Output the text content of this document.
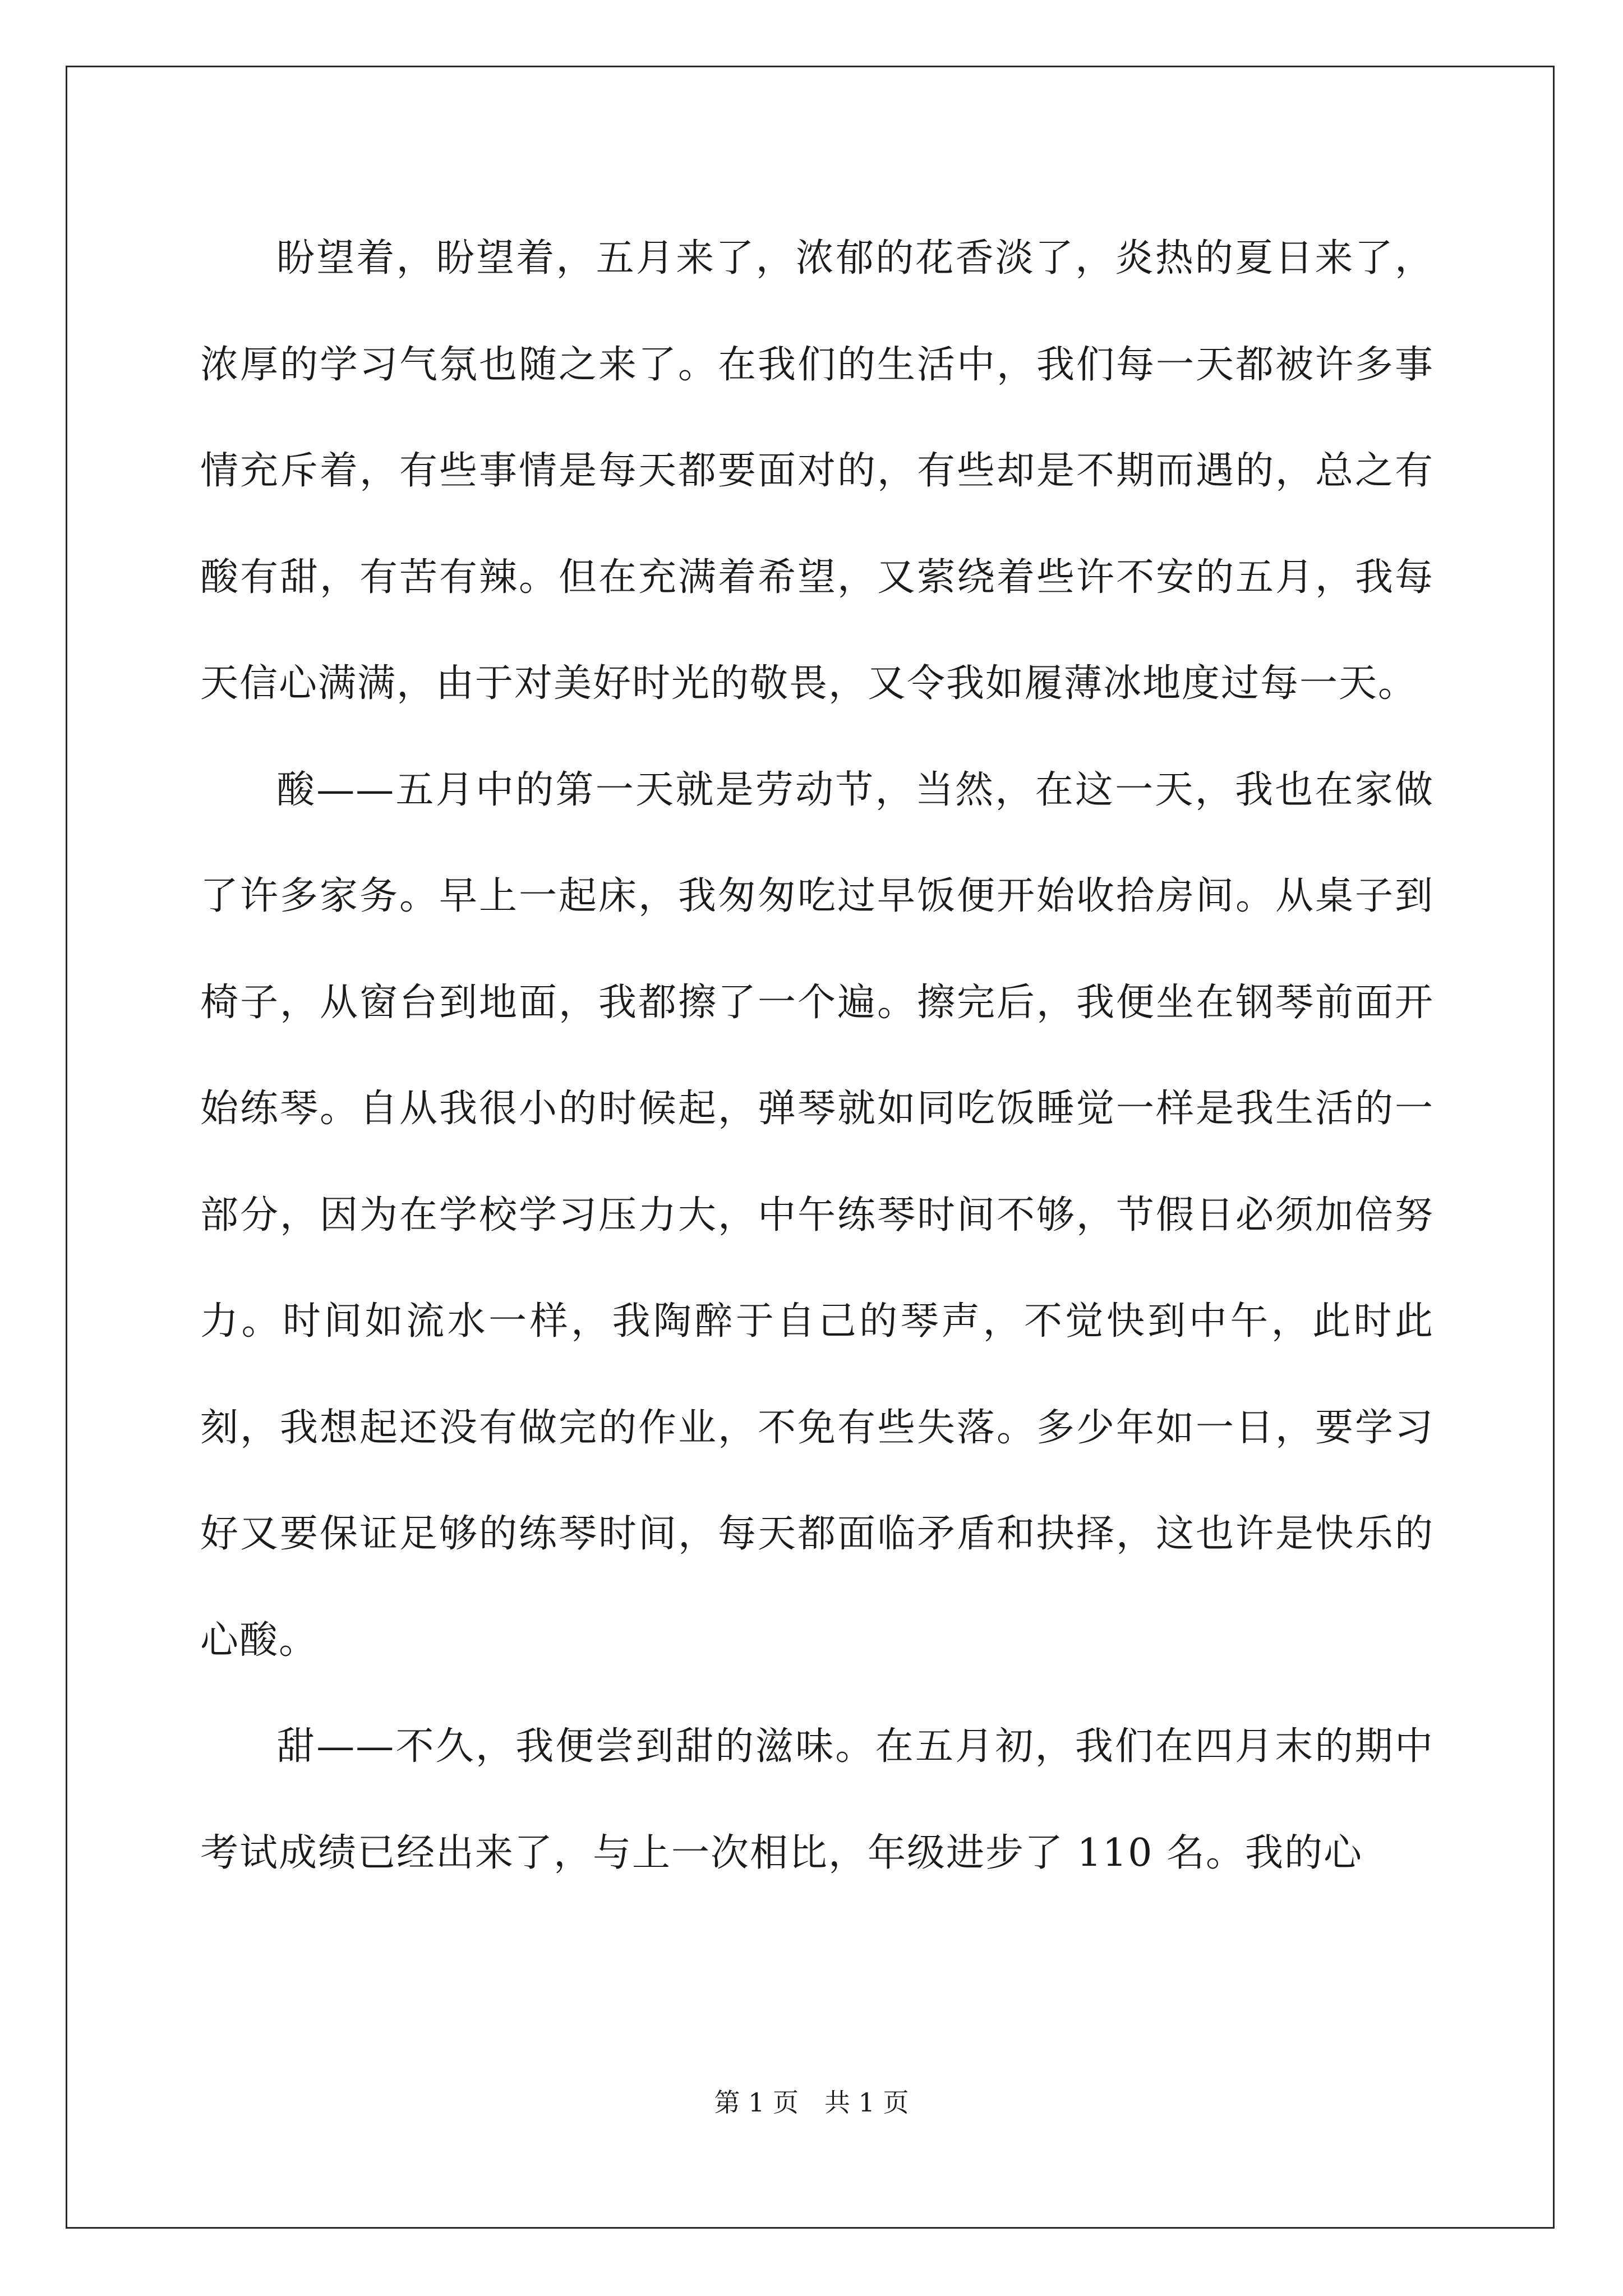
盼望着，盼望着，五月来了，浓郁的花香淡了，炎热的夏日来了，浓厚的学习气氛也随之来了。在我们的生活中，我们每一天都被许多事情充斥着，有些事情是每天都要面对的，有些却是不期而遇的，总之有酸有甜，有苦有辣。但在充满着希望，又萦绕着些许不安的五月，我每天信心满满，由于对美好时光的敬畏，又令我如履薄冰地度过每一天。

酸——五月中的第一天就是劳动节，当然，在这一天，我也在家做了许多家务。早上一起床，我匆匆吃过早饭便开始收拾房间。从桌子到椅子，从窗台到地面，我都擦了一个遍。擦完后，我便坐在钢琴前面开始练琴。自从我很小的时候起，弹琴就如同吃饭睡觉一样是我生活的一部分，因为在学校学习压力大，中午练琴时间不够，节假日必须加倍努力。时间如流水一样，我陶醉于自己的琴声，不觉快到中午，此时此刻，我想起还没有做完的作业，不免有些失落。多少年如一日，要学习好又要保证足够的练琴时间，每天都面临矛盾和抉择，这也许是快乐的心酸。

甜——不久，我便尝到甜的滋味。在五月初，我们在四月末的期中考试成绩已经出来了，与上一次相比，年级进步了 110 名。我的心

第 1 页 共 1 页
